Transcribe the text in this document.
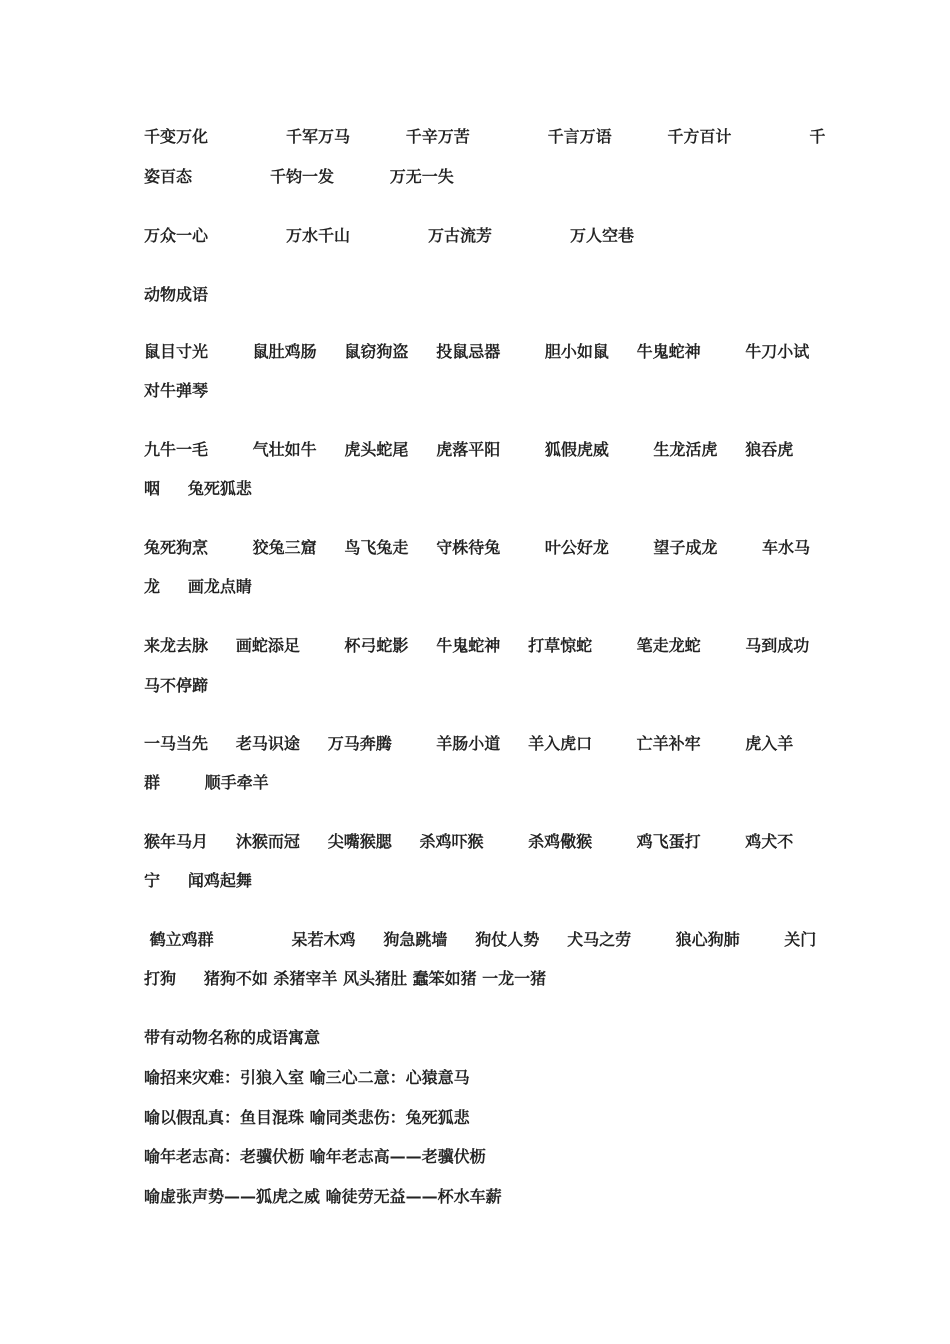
千变万化              千军万马          千辛万苦              千言万语          千方百计              千
姿百态              千钧一发          万无一失
万众一心              万水千山              万古流芳              万人空巷
动物成语
鼠目寸光        鼠肚鸡肠     鼠窃狗盗     投鼠忌器        胆小如鼠     牛鬼蛇神        牛刀小试
对牛弹琴
九牛一毛        气壮如牛     虎头蛇尾     虎落平阳        狐假虎威        生龙活虎     狼吞虎
咽     兔死狐悲
兔死狗烹        狡兔三窟     鸟飞兔走     守株待兔        叶公好龙        望子成龙        车水马
龙     画龙点睛
来龙去脉     画蛇添足        杯弓蛇影     牛鬼蛇神     打草惊蛇        笔走龙蛇        马到成功
马不停蹄
一马当先     老马识途     万马奔腾        羊肠小道     羊入虎口        亡羊补牢        虎入羊
群        顺手牵羊
猴年马月     沐猴而冠     尖嘴猴腮     杀鸡吓猴        杀鸡儆猴        鸡飞蛋打        鸡犬不
宁     闻鸡起舞
鹤立鸡群              呆若木鸡     狗急跳墙     狗仗人势     犬马之劳        狼心狗肺        关门
打狗     猪狗不如 杀猪宰羊 风头猪肚 蠢笨如猪 一龙一猪
带有动物名称的成语寓意
喻招来灾难：引狼入室 喻三心二意：心猿意马
喻以假乱真：鱼目混珠 喻同类悲伤：兔死狐悲
喻年老志高：老骥伏枥 喻年老志高——老骥伏枥
喻虚张声势——狐虎之威 喻徒劳无益——杯水车薪
